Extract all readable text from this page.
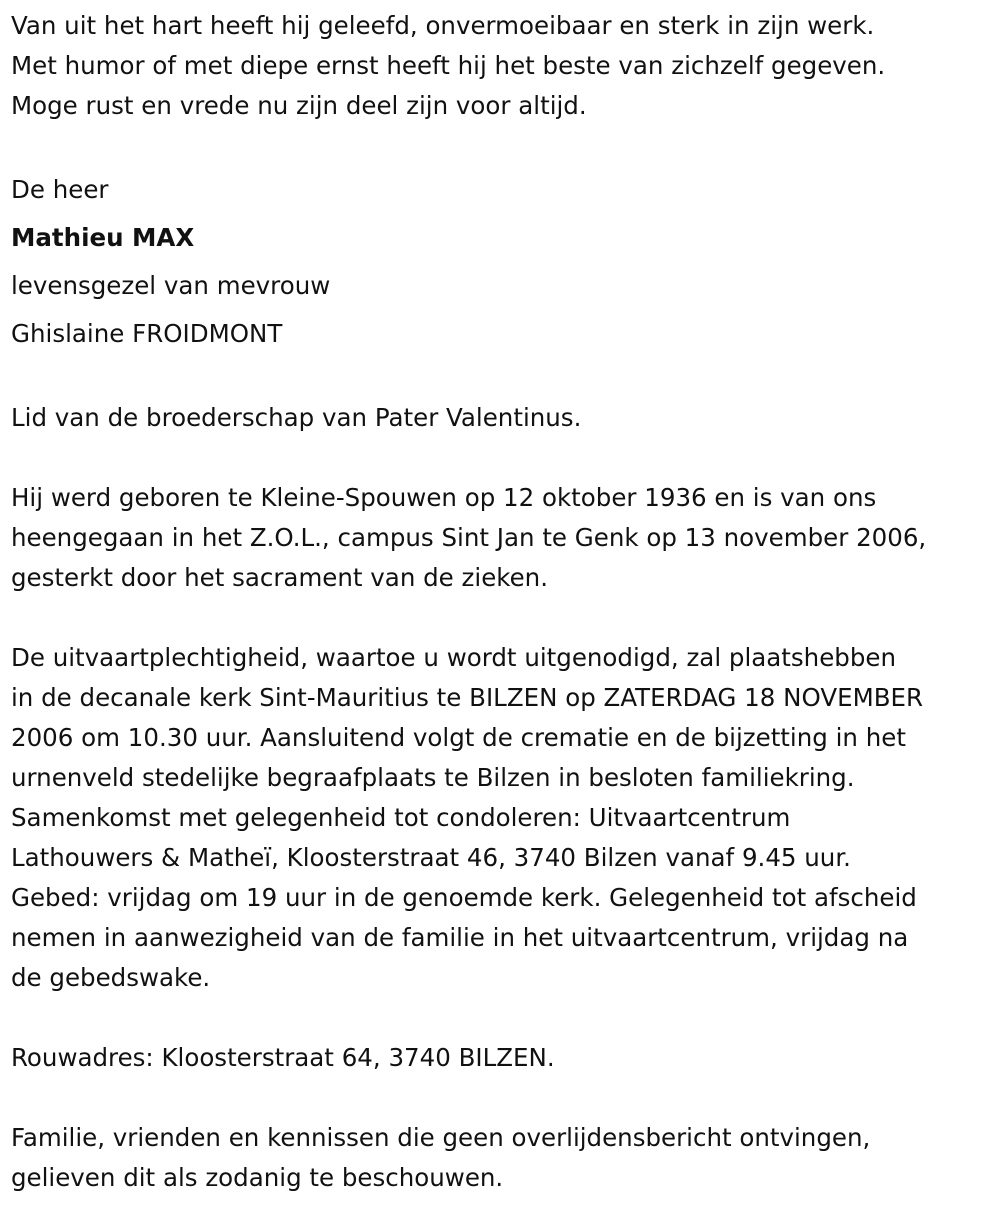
Van uit het hart heeft hij geleefd, onvermoeibaar en sterk in zijn werk.
Met humor of met diepe ernst heeft hij het beste van zichzelf gegeven.
Moge rust en vrede nu zijn deel zijn voor altijd.
De heer
Mathieu MAX
levensgezel van mevrouw
Ghislaine FROIDMONT
Lid van de broederschap van Pater Valentinus.
Hij werd geboren te Kleine-Spouwen op 12 oktober 1936 en is van ons
heengegaan in het Z.O.L., campus Sint Jan te Genk op 13 november 2006,
gesterkt door het sacrament van de zieken.
De uitvaartplechtigheid, waartoe u wordt uitgenodigd, zal plaatshebben
in de decanale kerk Sint-Mauritius te BILZEN op ZATERDAG 18 NOVEMBER
2006 om 10.30 uur. Aansluitend volgt de crematie en de bijzetting in het
urnenveld stedelijke begraafplaats te Bilzen in besloten familiekring.
Samenkomst met gelegenheid tot condoleren: Uitvaartcentrum
Lathouwers & Matheï, Kloosterstraat 46, 3740 Bilzen vanaf 9.45 uur.
Gebed: vrijdag om 19 uur in de genoemde kerk. Gelegenheid tot afscheid
nemen in aanwezigheid van de familie in het uitvaartcentrum, vrijdag na
de gebedswake.
Rouwadres: Kloosterstraat 64, 3740 BILZEN.
Familie, vrienden en kennissen die geen overlijdensbericht ontvingen,
gelieven dit als zodanig te beschouwen.
